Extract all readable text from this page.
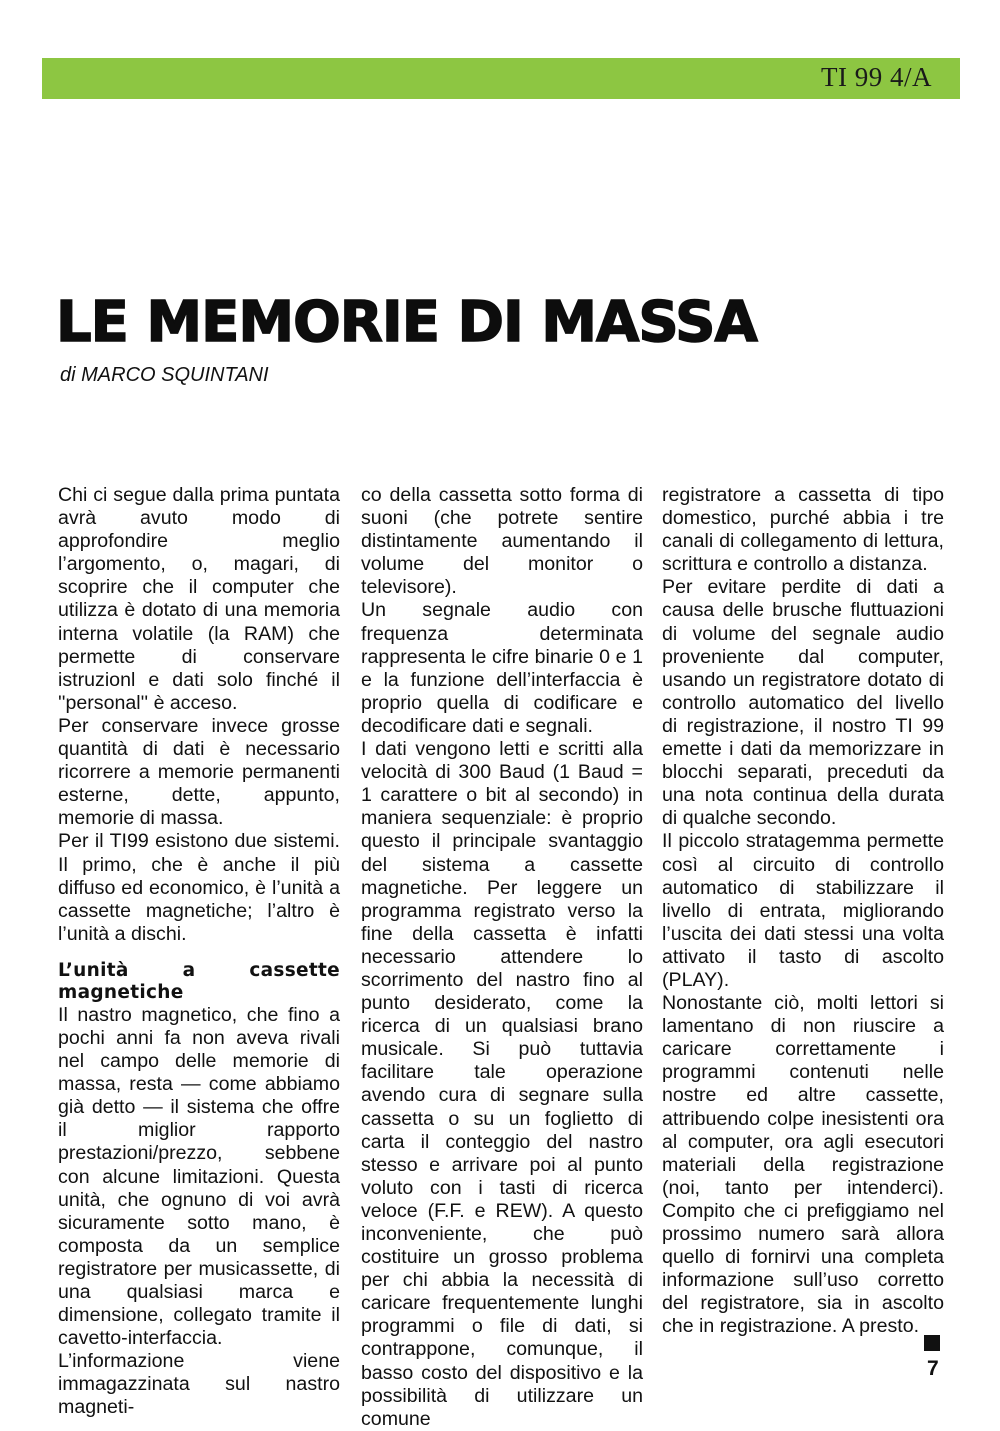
TI 99 4/A
LE MEMORIE DI MASSA
di MARCO SQUINTANI

Chi ci segue dalla prima puntata avrà avuto modo di approfondire meglio l’argomento, o, magari, di scoprire che il computer che utilizza è dotato di una memoria interna volatile (la RAM) che permette di conservare istruzionl e dati solo finché il ''personal'' è acceso.

Per conservare invece grosse quantità di dati è necessario ricorrere a memorie permanenti esterne, dette, appunto, memorie di massa.

Per il TI99 esistono due sistemi. Il primo, che è anche il più diffuso ed economico, è l’unità a cassette magnetiche; l’altro è l’unità a dischi.

L’unità a cassette magnetiche

Il nastro magnetico, che fino a pochi anni fa non aveva rivali nel campo delle memorie di massa, resta — come abbiamo già detto — il sistema che offre il miglior rapporto prestazioni/prezzo, sebbene con alcune limitazioni. Questa unità, che ognuno di voi avrà sicuramente sotto mano, è composta da un semplice registratore per musicassette, di una qualsiasi marca e dimensione, collegato tramite il cavetto-interfaccia.

L’informazione viene immagazzinata sul nastro magneti-

co della cassetta sotto forma di suoni (che potrete sentire distintamente aumentando il volume del monitor o televisore).

Un segnale audio con frequenza determinata rappresenta le cifre binarie 0 e 1 e la funzione dell’interfaccia è proprio quella di codificare e decodificare dati e segnali.

I dati vengono letti e scritti alla velocità di 300 Baud (1 Baud = 1 carattere o bit al secondo) in maniera sequenziale: è proprio questo il principale svantaggio del sistema a cassette magnetiche. Per leggere un programma registrato verso la fine della cassetta è infatti necessario attendere lo scorrimento del nastro fino al punto desiderato, come la ricerca di un qualsiasi brano musicale. Si può tuttavia facilitare tale operazione avendo cura di segnare sulla cassetta o su un foglietto di carta il conteggio del nastro stesso e arrivare poi al punto voluto con i tasti di ricerca veloce (F.F. e REW). A questo inconveniente, che può costituire un grosso problema per chi abbia la necessità di caricare frequentemente lunghi programmi o file di dati, si contrappone, comunque, il basso costo del dispositivo e la possibilità di utilizzare un comune

registratore a cassetta di tipo domestico, purché abbia i tre canali di collegamento di lettura, scrittura e controllo a distanza.

Per evitare perdite di dati a causa delle brusche fluttuazioni di volume del segnale audio proveniente dal computer, usando un registratore dotato di controllo automatico del livello di registrazione, il nostro TI 99 emette i dati da memorizzare in blocchi separati, preceduti da una nota continua della durata di qualche secondo.

Il piccolo stratagemma permette così al circuito di controllo automatico di stabilizzare il livello di entrata, migliorando l’uscita dei dati stessi una volta attivato il tasto di ascolto (PLAY).

Nonostante ciò, molti lettori si lamentano di non riuscire a caricare correttamente i programmi contenuti nelle nostre ed altre cassette, attribuendo colpe inesistenti ora al computer, ora agli esecutori materiali della registrazione (noi, tanto per intenderci). Compito che ci prefiggiamo nel prossimo numero sarà allora quello di fornirvi una completa informazione sull’uso corretto del registratore, sia in ascolto che in registrazione. A presto.

7
